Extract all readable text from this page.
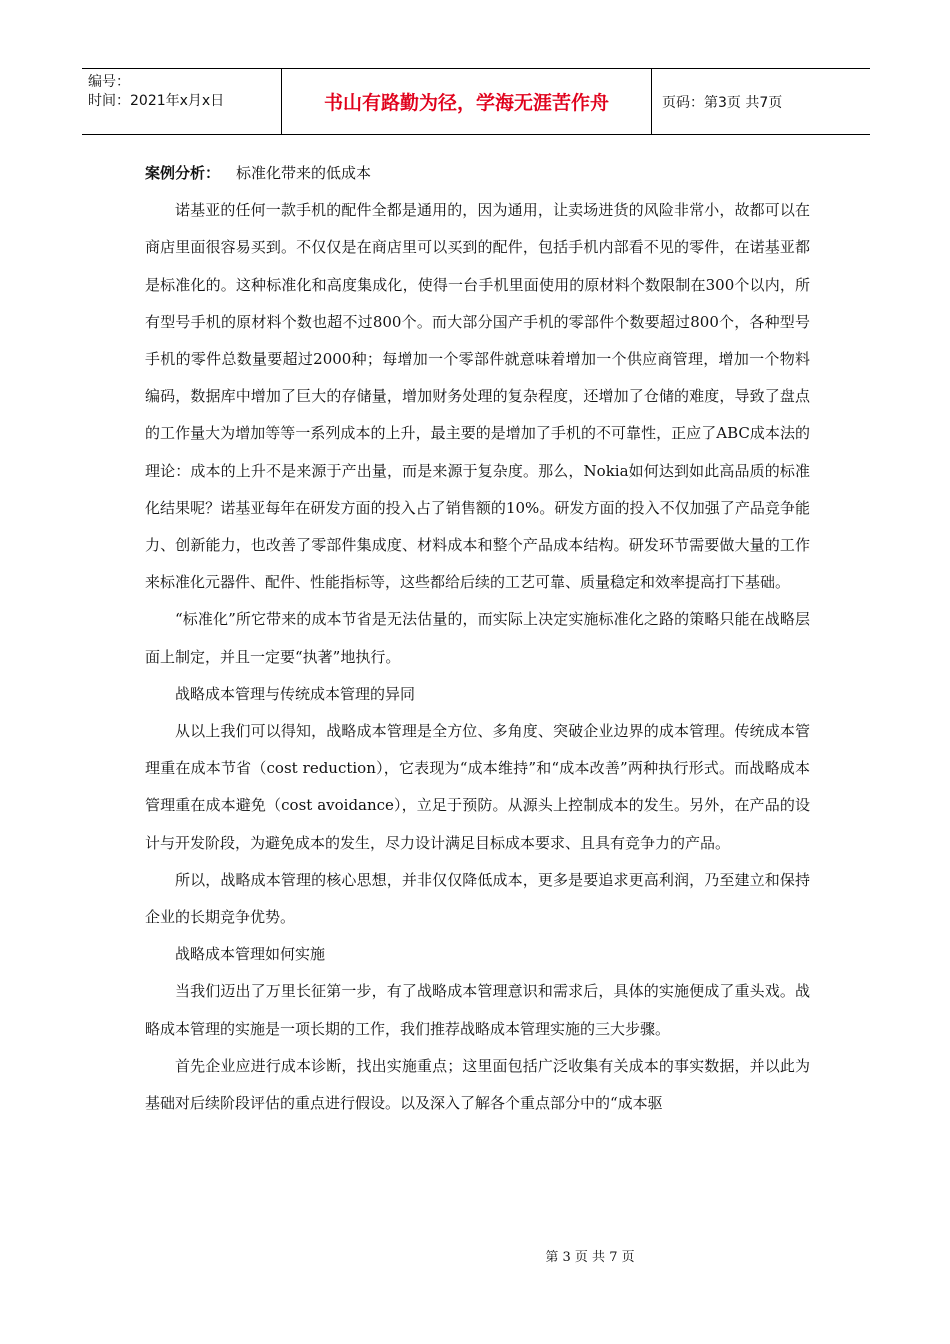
编号：
时间：2021年x月x日	书山有路勤为径，学海无涯苦作舟	页码：第3页 共7页

案例分析： 标准化带来的低成本

诺基亚的任何一款手机的配件全都是通用的，因为通用，让卖场进货的风险非常小，故都可以在商店里面很容易买到。不仅仅是在商店里可以买到的配件，包括手机内部看不见的零件，在诺基亚都是标准化的。这种标准化和高度集成化，使得一台手机里面使用的原材料个数限制在300个以内，所有型号手机的原材料个数也超不过800个。而大部分国产手机的零部件个数要超过800个，各种型号手机的零件总数量要超过2000种；每增加一个零部件就意味着增加一个供应商管理，增加一个物料编码，数据库中增加了巨大的存储量，增加财务处理的复杂程度，还增加了仓储的难度，导致了盘点的工作量大为增加等等一系列成本的上升，最主要的是增加了手机的不可靠性，正应了ABC成本法的理论：成本的上升不是来源于产出量，而是来源于复杂度。那么，Nokia如何达到如此高品质的标准化结果呢？诺基亚每年在研发方面的投入占了销售额的10%。研发方面的投入不仅加强了产品竞争能力、创新能力，也改善了零部件集成度、材料成本和整个产品成本结构。研发环节需要做大量的工作来标准化元器件、配件、性能指标等，这些都给后续的工艺可靠、质量稳定和效率提高打下基础。

“标准化”所它带来的成本节省是无法估量的，而实际上决定实施标准化之路的策略只能在战略层面上制定，并且一定要“执著”地执行。

战略成本管理与传统成本管理的异同

从以上我们可以得知，战略成本管理是全方位、多角度、突破企业边界的成本管理。传统成本管理重在成本节省（cost reduction），它表现为“成本维持”和“成本改善”两种执行形式。而战略成本管理重在成本避免（cost avoidance），立足于预防。从源头上控制成本的发生。另外，在产品的设计与开发阶段，为避免成本的发生，尽力设计满足目标成本要求、且具有竞争力的产品。

所以，战略成本管理的核心思想，并非仅仅降低成本，更多是要追求更高利润，乃至建立和保持企业的长期竞争优势。

战略成本管理如何实施

当我们迈出了万里长征第一步，有了战略成本管理意识和需求后，具体的实施便成了重头戏。战略成本管理的实施是一项长期的工作，我们推荐战略成本管理实施的三大步骤。

首先企业应进行成本诊断，找出实施重点；这里面包括广泛收集有关成本的事实数据，并以此为基础对后续阶段评估的重点进行假设。以及深入了解各个重点部分中的“成本驱

第 3 页 共 7 页
